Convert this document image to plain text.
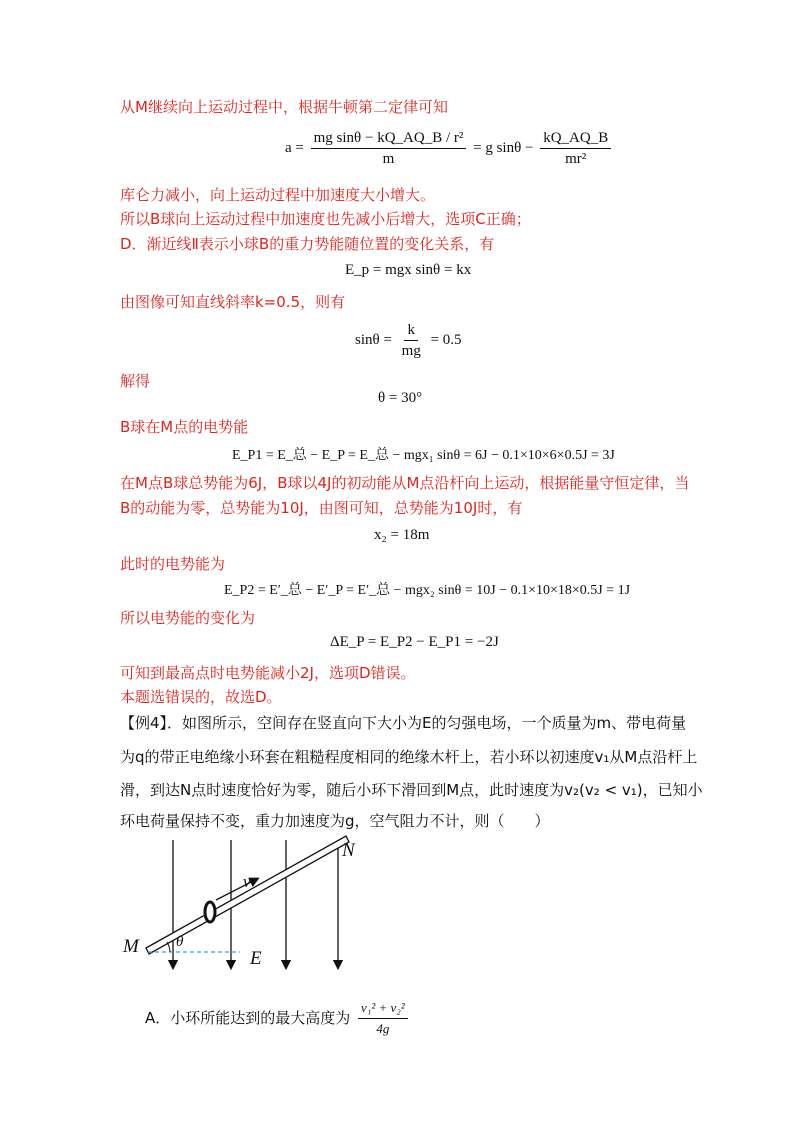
从M继续向上运动过程中，根据牛顿第二定律可知
$a = \frac{\text{mg sinθ − kQ\_AQ\_B / r²}}{m} = g$ $\sin\theta - \frac{kQ\_AQ\_B}{\text{mr²}}$
库仑力减小，向上运动过程中加速度大小增大。
所以B球向上运动过程中加速度也先减小后增大，选项C正确；
D．渐近线Ⅱ表示小球B的重力势能随位置的变化关系，有
E_p = mgx sinθ = kx
由图像可知直线斜率k=0.5，则有
$\sin\theta = \frac{k}{mg} = 0.5$
解得
θ = 30°
B球在M点的电势能
E_P1 = E_总 − E_P = E_总 − mgx₁ sinθ = 6J − 0.1×10×6×0.5J = 3J
在M点B球总势能为6J，B球以4J的初动能从M点沿杆向上运动，根据能量守恒定律，当
B的动能为零，总势能为10J，由图可知，总势能为10J时，有
x₂ = 18m
此时的电势能为
E_P2 = E′_总 − E′_P = E′_总 − mgx₂ sinθ = 10J − 0.1×10×18×0.5J = 1J
所以电势能的变化为
ΔE_P = E_P2 − E_P1 = −2J
可知到最高点时电势能减小2J，选项D错误。
本题选错误的，故选D。
【例4】．如图所示，空间存在竖直向下大小为E的匀强电场，一个质量为m、带电荷量
为q的带正电绝缘小环套在粗糙程度相同的绝缘木杆上，若小环以初速度v₁从M点沿杆上
滑，到达N点时速度恰好为零，随后小环下滑回到M点，此时速度为v₂(v₂ < v₁)，已知小
环电荷量保持不变，重力加速度为g，空气阻力不计，则（　　）
M
N
v
θ
E
A．小环所能达到的最大高度为 $\frac{\text{v₁² + v₂²}}{4g}$
